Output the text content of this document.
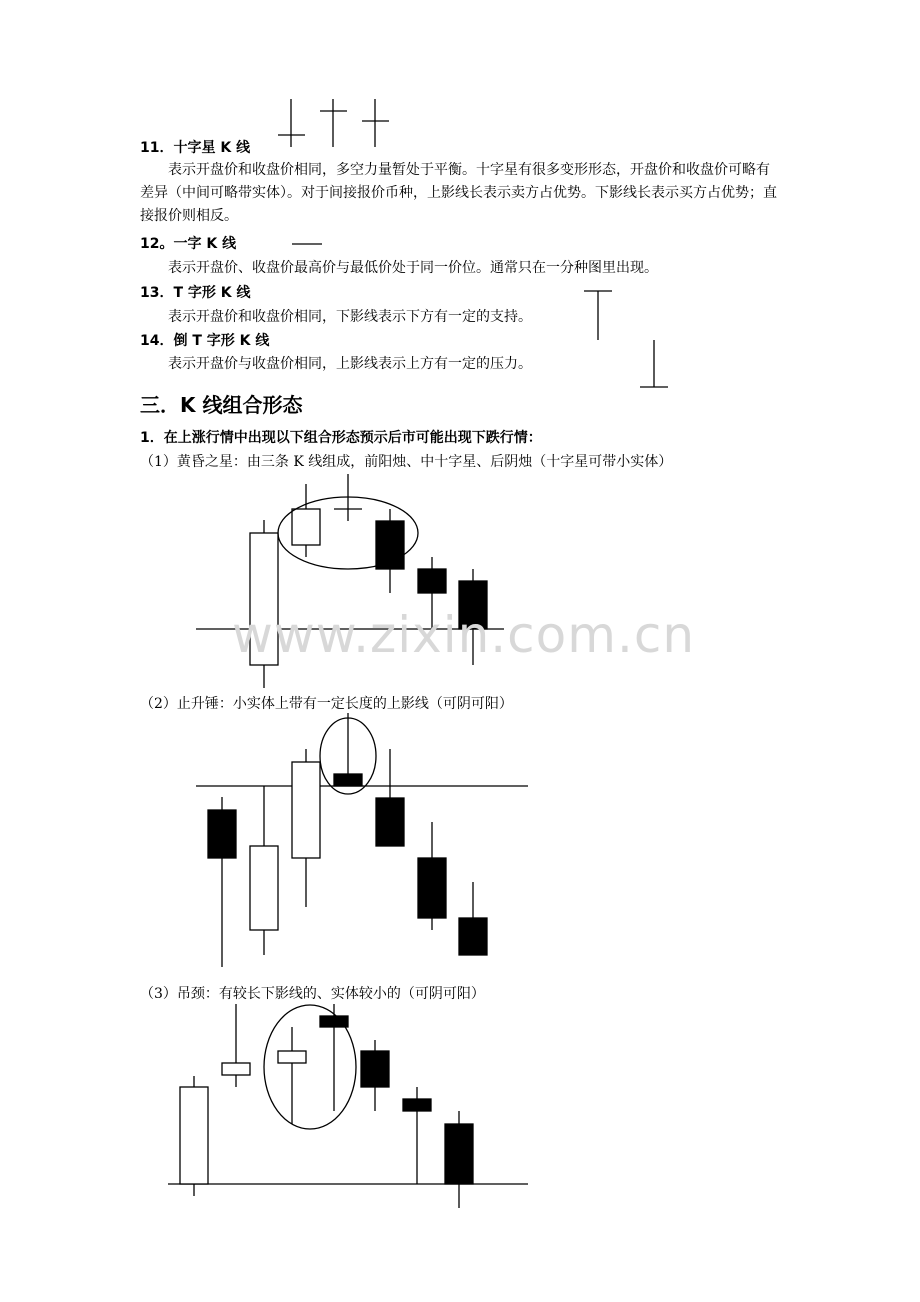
11．十字星 K 线
表示开盘价和收盘价相同，多空力量暂处于平衡。十字星有很多变形形态，开盘价和收盘价可略有差异（中间可略带实体）。对于间接报价币种，上影线长表示卖方占优势。下影线长表示买方占优势；直接报价则相反。
12。一字 K 线
表示开盘价、收盘价最高价与最低价处于同一价位。通常只在一分种图里出现。
13．T 字形 K 线
表示开盘价和收盘价相同，下影线表示下方有一定的支持。
14．倒 T 字形 K 线
表示开盘价与收盘价相同，上影线表示上方有一定的压力。
三．K 线组合形态
1．在上涨行情中出现以下组合形态预示后市可能出现下跌行情：
（1）黄昏之星：由三条 K 线组成，前阳烛、中十字星、后阴烛（十字星可带小实体）
（2）止升锤：小实体上带有一定长度的上影线（可阴可阳）
（3）吊颈：有较长下影线的、实体较小的（可阴可阳）
www.zixin.com.cn
